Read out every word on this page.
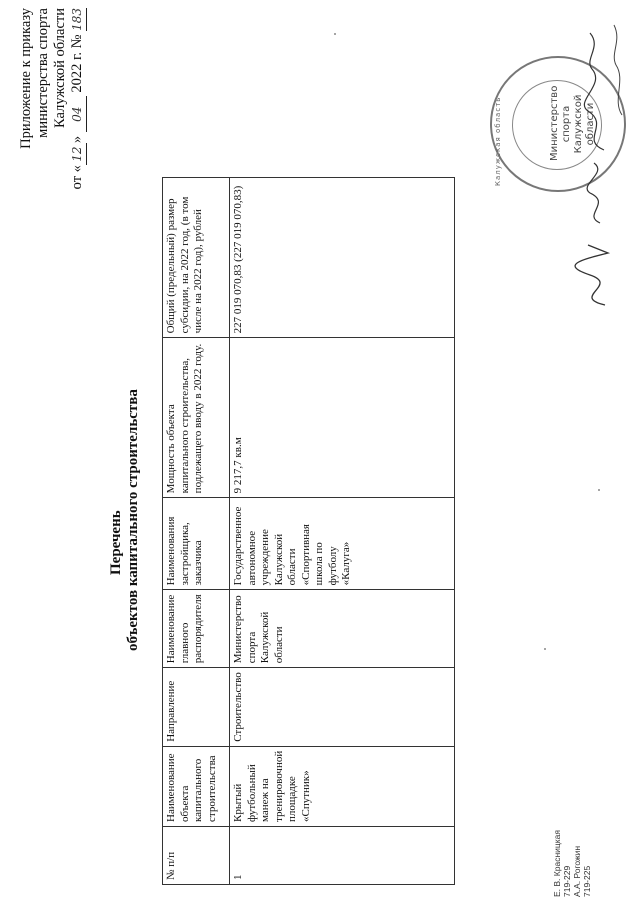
Приложение к приказу министерства спорта Калужской области
от «12» 04 2022 г. № 183
Перечень объектов капитального строительства
№ п/п	Наименование объекта капитального строительства	Направление	Наименование главного распорядителя	Наименования застройщика, заказчика	Мощность объекта капитального строительства, подлежащего вводу в 2022 году.	Общий (предельный) размер субсидии, на 2022 год, (в том числе на 2022 год), рублей
1	Крытый футбольный манеж на тренировочной площадке «Спутник»	Строительство	Министерство спорта Калужской области	Государственное автономное учреждение Калужской области «Спортивная школа по футболу «Калуга»	9 217,7 кв.м	227 019 070,83 (227 019 070,83)
Калужская область	Министерство спорта Калужской области
Е. В. Красницкая 719-229 А.А. Рогожин 719-225
